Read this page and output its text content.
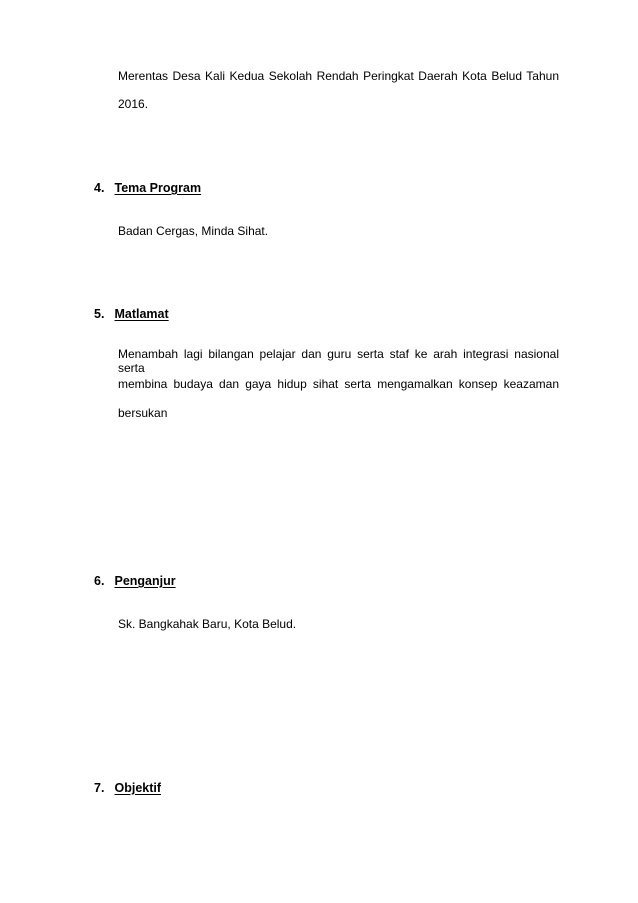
Merentas Desa Kali Kedua Sekolah Rendah Peringkat Daerah Kota Belud Tahun
2016.
4. Tema Program
Badan Cergas, Minda Sihat.
5. Matlamat
Menambah lagi bilangan pelajar dan guru serta staf ke arah integrasi nasional serta
membina budaya dan gaya hidup sihat serta mengamalkan konsep keazaman
bersukan
6. Penganjur
Sk. Bangkahak Baru, Kota Belud.
7. Objektif
